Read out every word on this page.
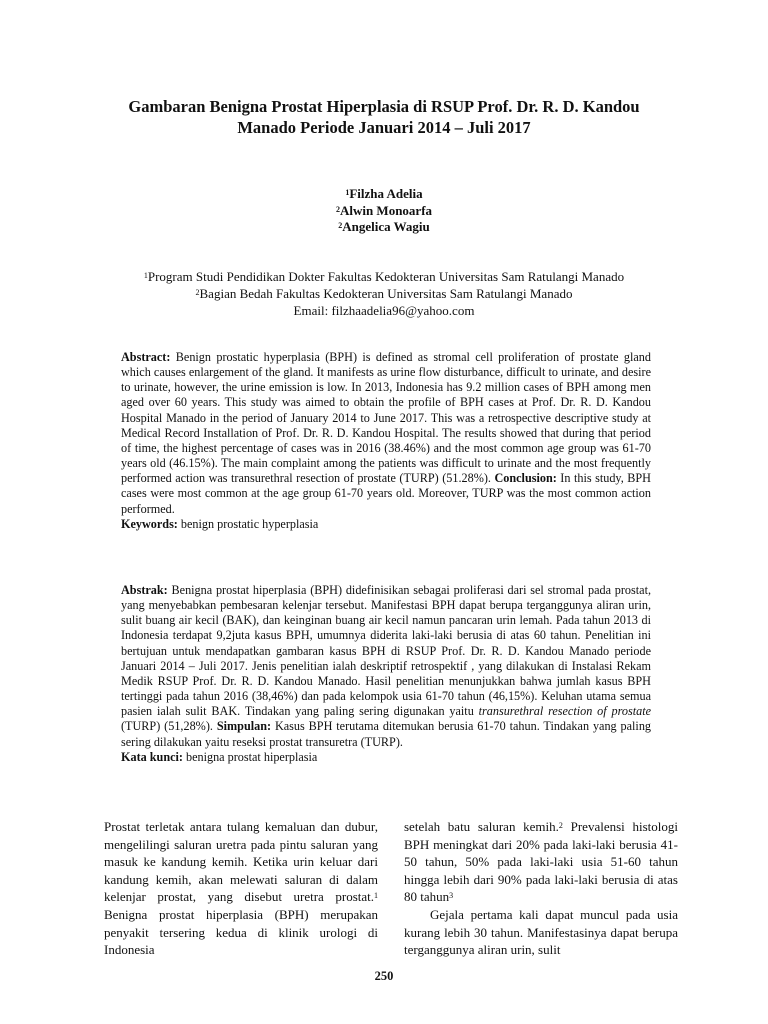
Gambaran Benigna Prostat Hiperplasia di RSUP Prof. Dr. R. D. Kandou
Manado Periode Januari 2014 – Juli 2017
$^1$Filzha Adelia
$^2$Alwin Monoarfa
$^2$Angelica Wagiu
$^1$Program Studi Pendidikan Dokter Fakultas Kedokteran Universitas Sam Ratulangi Manado
$^2$Bagian Bedah Fakultas Kedokteran Universitas Sam Ratulangi Manado
Email: filzhaadelia96@yahoo.com
Abstract: Benign prostatic hyperplasia (BPH) is defined as stromal cell proliferation of prostate gland which causes enlargement of the gland. It manifests as urine flow disturbance, difficult to urinate, and desire to urinate, however, the urine emission is low. In 2013, Indonesia has 9.2 million cases of BPH among men aged over 60 years. This study was aimed to obtain the profile of BPH cases at Prof. Dr. R. D. Kandou Hospital Manado in the period of January 2014 to June 2017. This was a retrospective descriptive study at Medical Record Installation of Prof. Dr. R. D. Kandou Hospital. The results showed that during that period of time, the highest percentage of cases was in 2016 (38.46%) and the most common age group was 61-70 years old (46.15%). The main complaint among the patients was difficult to urinate and the most frequently performed action was transurethral resection of prostate (TURP) (51.28%). Conclusion: In this study, BPH cases were most common at the age group 61-70 years old. Moreover, TURP was the most common action performed.
Keywords: benign prostatic hyperplasia
Abstrak: Benigna prostat hiperplasia (BPH) didefinisikan sebagai proliferasi dari sel stromal pada prostat, yang menyebabkan pembesaran kelenjar tersebut. Manifestasi BPH dapat berupa terganggunya aliran urin, sulit buang air kecil (BAK), dan keinginan buang air kecil namun pancaran urin lemah. Pada tahun 2013 di Indonesia terdapat 9,2juta kasus BPH, umumnya diderita laki-laki berusia di atas 60 tahun. Penelitian ini bertujuan untuk mendapatkan gambaran kasus BPH di RSUP Prof. Dr. R. D. Kandou Manado periode Januari 2014 – Juli 2017. Jenis penelitian ialah deskriptif retrospektif , yang dilakukan di Instalasi Rekam Medik RSUP Prof. Dr. R. D. Kandou Manado. Hasil penelitian menunjukkan bahwa jumlah kasus BPH tertinggi pada tahun 2016 (38,46%) dan pada kelompok usia 61-70 tahun (46,15%). Keluhan utama semua pasien ialah sulit BAK. Tindakan yang paling sering digunakan yaitu transurethral resection of prostate (TURP) (51,28%). Simpulan: Kasus BPH terutama ditemukan berusia 61-70 tahun. Tindakan yang paling sering dilakukan yaitu reseksi prostat transuretra (TURP).
Kata kunci: benigna prostat hiperplasia
Prostat terletak antara tulang kemaluan dan dubur, mengelilingi saluran uretra pada pintu saluran yang masuk ke kandung kemih. Ketika urin keluar dari kandung kemih, akan melewati saluran di dalam kelenjar prostat, yang disebut uretra prostat.$^1$ Benigna prostat hiperplasia (BPH) merupakan penyakit tersering kedua di klinik urologi di Indonesia
setelah batu saluran kemih.$^2$ Prevalensi histologi BPH meningkat dari 20% pada laki-laki berusia 41-50 tahun, 50% pada laki-laki usia 51-60 tahun hingga lebih dari 90% pada laki-laki berusia di atas 80 tahun$^3$
Gejala pertama kali dapat muncul pada usia kurang lebih 30 tahun. Manifestasinya dapat berupa terganggunya aliran urin, sulit
250
